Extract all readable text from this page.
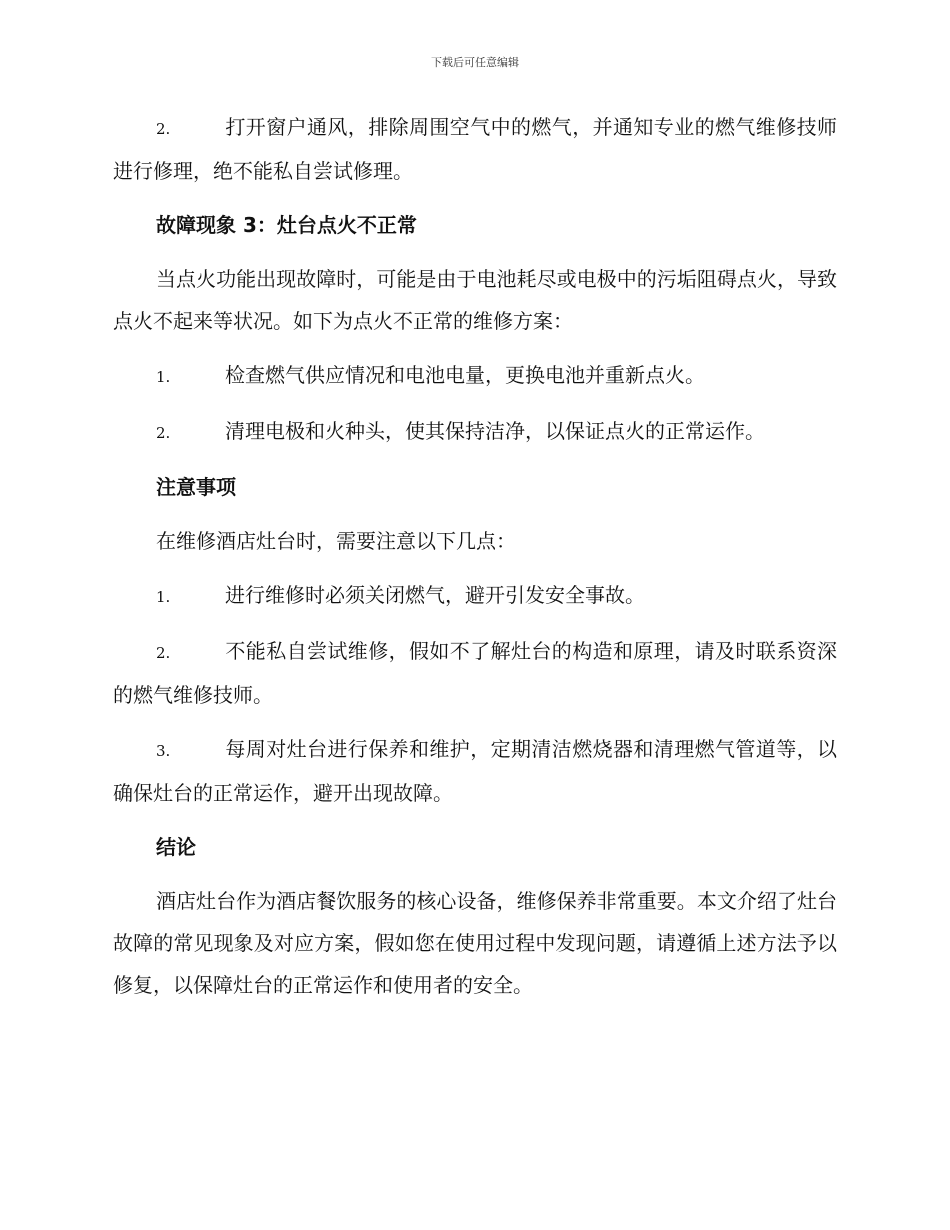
下载后可任意编辑

2.	打开窗户通风，排除周围空气中的燃气，并通知专业的燃气维修技师进行修理，绝不能私自尝试修理。

故障现象 3：灶台点火不正常

当点火功能出现故障时，可能是由于电池耗尽或电极中的污垢阻碍点火，导致点火不起来等状况。如下为点火不正常的维修方案：

1.	检查燃气供应情况和电池电量，更换电池并重新点火。

2.	清理电极和火种头，使其保持洁净，以保证点火的正常运作。

注意事项

在维修酒店灶台时，需要注意以下几点：

1.	进行维修时必须关闭燃气，避开引发安全事故。

2.	不能私自尝试维修，假如不了解灶台的构造和原理，请及时联系资深的燃气维修技师。

3.	每周对灶台进行保养和维护，定期清洁燃烧器和清理燃气管道等，以确保灶台的正常运作，避开出现故障。

结论

酒店灶台作为酒店餐饮服务的核心设备，维修保养非常重要。本文介绍了灶台故障的常见现象及对应方案，假如您在使用过程中发现问题，请遵循上述方法予以修复，以保障灶台的正常运作和使用者的安全。
